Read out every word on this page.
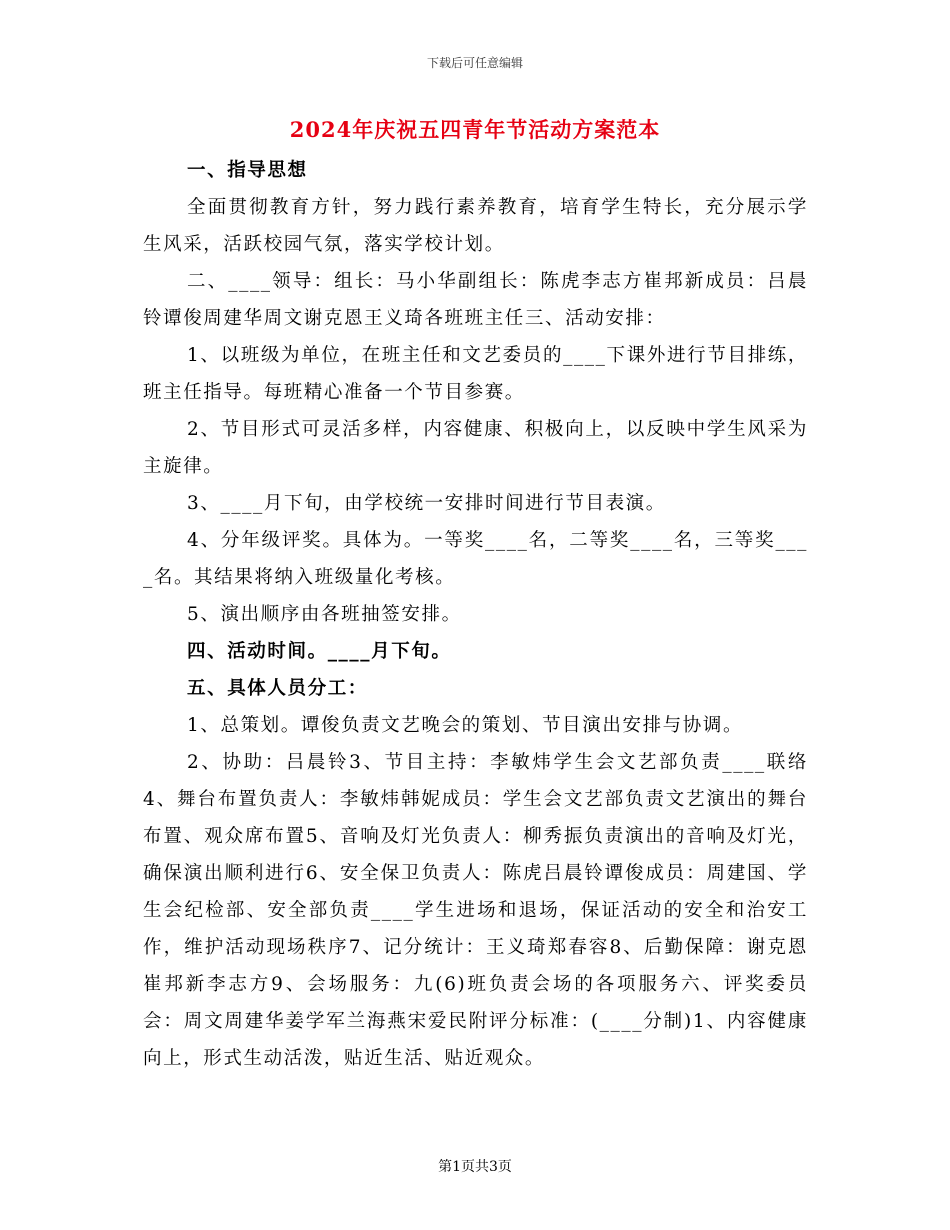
下载后可任意编辑
2024年庆祝五四青年节活动方案范本

一、指导思想

全面贯彻教育方针，努力践行素养教育，培育学生特长，充分展示学生风采，活跃校园气氛，落实学校计划。

二、____领导：组长：马小华副组长：陈虎李志方崔邦新成员：吕晨铃谭俊周建华周文谢克恩王义琦各班班主任三、活动安排：

1、以班级为单位，在班主任和文艺委员的____下课外进行节目排练，班主任指导。每班精心准备一个节目参赛。

2、节目形式可灵活多样，内容健康、积极向上，以反映中学生风采为主旋律。

3、____月下旬，由学校统一安排时间进行节目表演。

4、分年级评奖。具体为。一等奖____名，二等奖____名，三等奖____名。其结果将纳入班级量化考核。

5、演出顺序由各班抽签安排。

四、活动时间。____月下旬。

五、具体人员分工：

1、总策划。谭俊负责文艺晚会的策划、节目演出安排与协调。

2、协助：吕晨铃3、节目主持：李敏炜学生会文艺部负责____联络4、舞台布置负责人：李敏炜韩妮成员：学生会文艺部负责文艺演出的舞台布置、观众席布置5、音响及灯光负责人：柳秀振负责演出的音响及灯光，确保演出顺利进行6、安全保卫负责人：陈虎吕晨铃谭俊成员：周建国、学生会纪检部、安全部负责____学生进场和退场，保证活动的安全和治安工作，维护活动现场秩序7、记分统计：王义琦郑春容8、后勤保障：谢克恩崔邦新李志方9、会场服务：九(6)班负责会场的各项服务六、评奖委员会：周文周建华姜学军兰海燕宋爱民附评分标准：(____分制)1、内容健康向上，形式生动活泼，贴近生活、贴近观众。

第1页共3页
